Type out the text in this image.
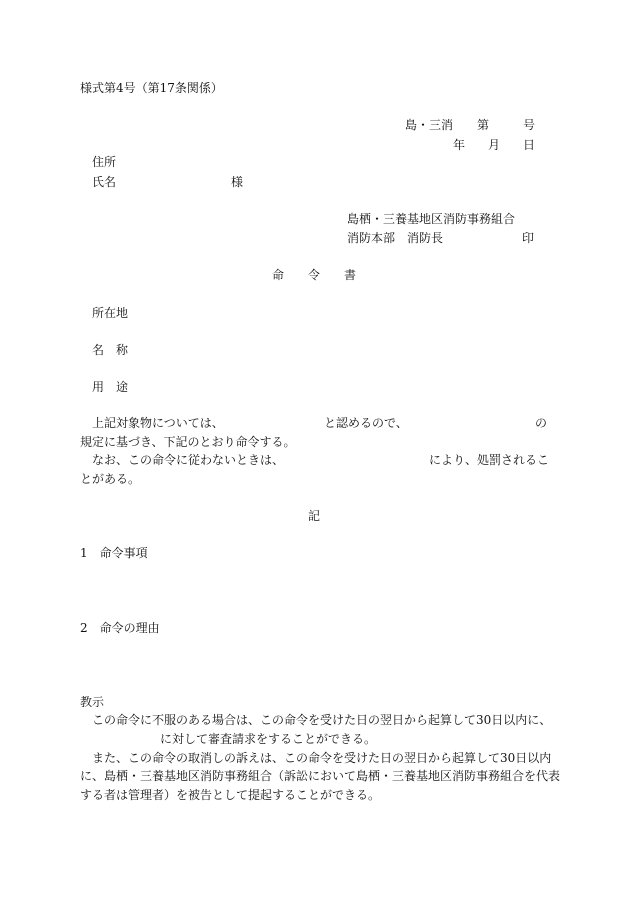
様式第4号（第17条関係）
島・三消 第	号
年 月 日
住所
氏名	様
島栖・三養基地区消防事務組合
消防本部　消防長	印
命　　令　　書
所在地
名　称
用　途
上記対象物については、	と認めるので、	の
規定に基づき、下記のとおり命令する。
なお、この命令に従わないときは、	により、処罰されるこ
とがある。
記
1　命令事項
2　命令の理由
教示
この命令に不服のある場合は、この命令を受けた日の翌日から起算して30日以内に、
に対して審査請求をすることができる。
また、この命令の取消しの訴えは、この命令を受けた日の翌日から起算して30日以内
に、島栖・三養基地区消防事務組合（訴訟において島栖・三養基地区消防事務組合を代表
する者は管理者）を被告として提起することができる。
